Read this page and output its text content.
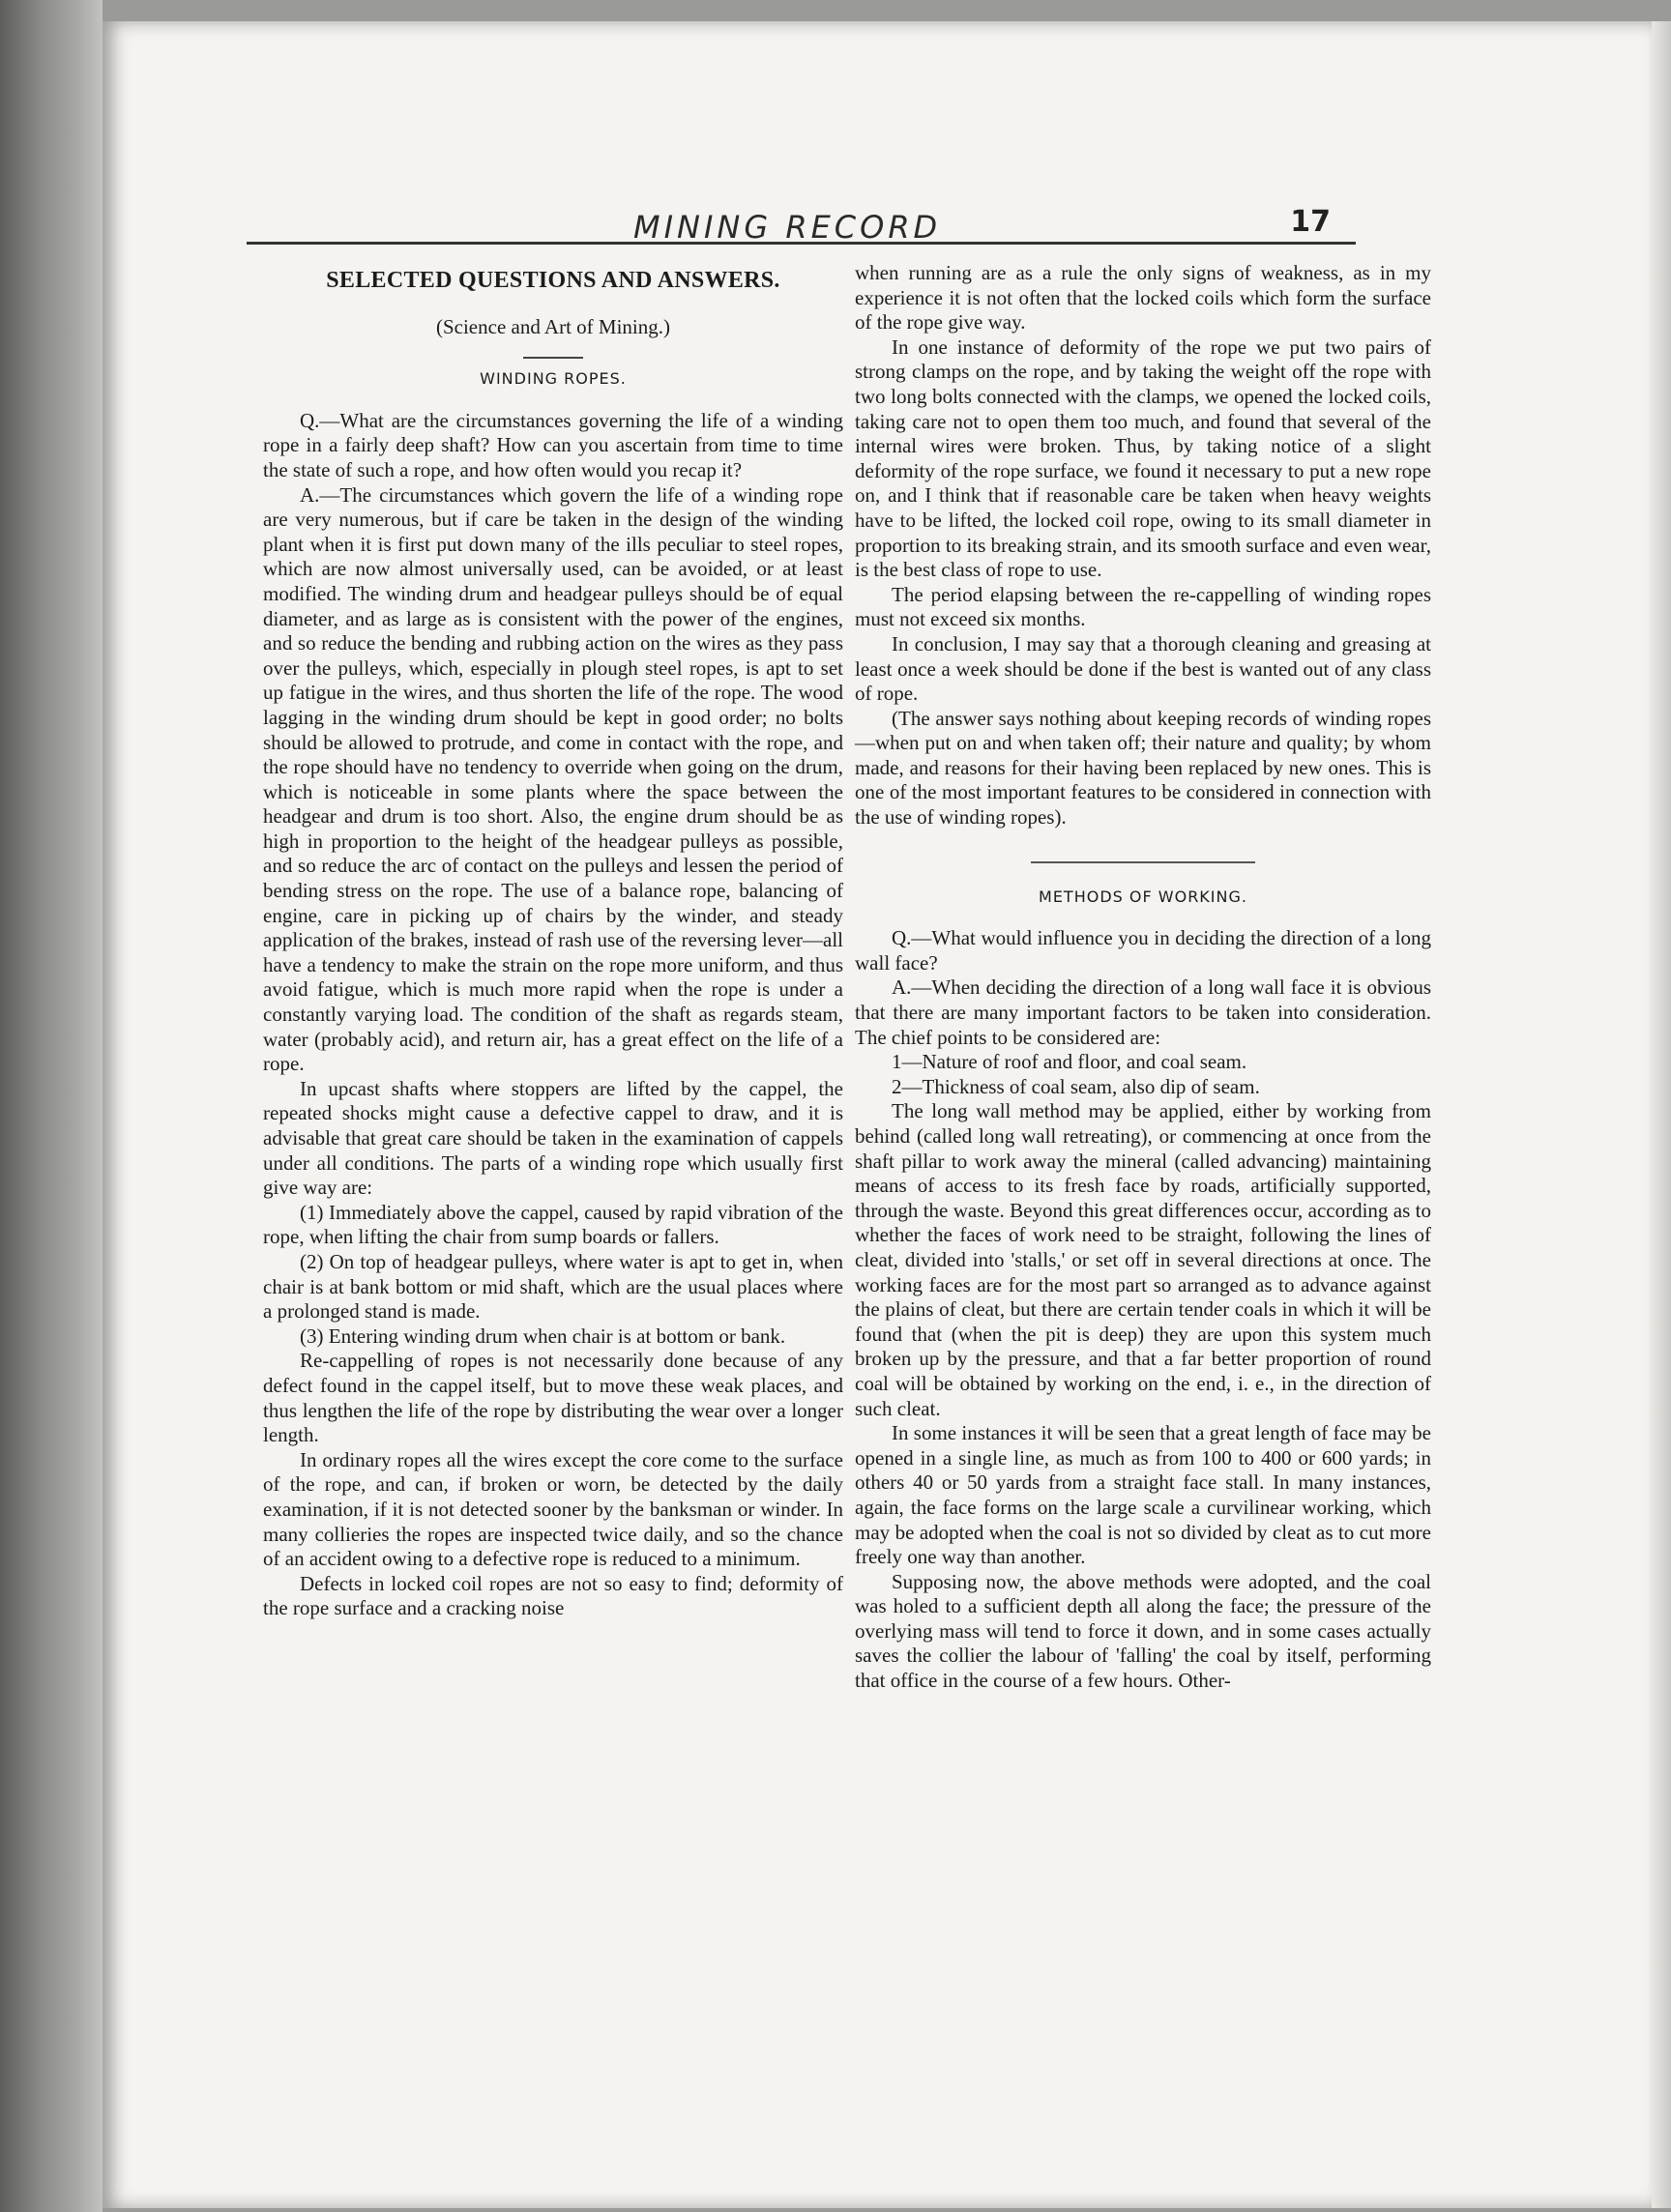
MINING RECORD	17
SELECTED QUESTIONS AND ANSWERS.
(Science and Art of Mining.)
WINDING ROPES.

Q.—What are the circumstances governing the life of a winding rope in a fairly deep shaft? How can you ascertain from time to time the state of such a rope, and how often would you recap it?

A.—The circumstances which govern the life of a winding rope are very numerous, but if care be taken in the design of the winding plant when it is first put down many of the ills peculiar to steel ropes, which are now almost universally used, can be avoided, or at least modified. The winding drum and headgear pulleys should be of equal diameter, and as large as is consistent with the power of the engines, and so reduce the bending and rubbing action on the wires as they pass over the pulleys, which, especially in plough steel ropes, is apt to set up fatigue in the wires, and thus shorten the life of the rope. The wood lagging in the winding drum should be kept in good order; no bolts should be allowed to protrude, and come in contact with the rope, and the rope should have no tendency to override when going on the drum, which is noticeable in some plants where the space between the headgear and drum is too short. Also, the engine drum should be as high in proportion to the height of the headgear pulleys as possible, and so reduce the arc of contact on the pulleys and lessen the period of bending stress on the rope. The use of a balance rope, balancing of engine, care in picking up of chairs by the winder, and steady application of the brakes, instead of rash use of the reversing lever—all have a tendency to make the strain on the rope more uniform, and thus avoid fatigue, which is much more rapid when the rope is under a constantly varying load. The condition of the shaft as regards steam, water (probably acid), and return air, has a great effect on the life of a rope.

In upcast shafts where stoppers are lifted by the cappel, the repeated shocks might cause a defective cappel to draw, and it is advisable that great care should be taken in the examination of cappels under all conditions. The parts of a winding rope which usually first give way are:

(1) Immediately above the cappel, caused by rapid vibration of the rope, when lifting the chair from sump boards or fallers.

(2) On top of headgear pulleys, where water is apt to get in, when chair is at bank bottom or mid shaft, which are the usual places where a prolonged stand is made.

(3) Entering winding drum when chair is at bottom or bank.

Re-cappelling of ropes is not necessarily done because of any defect found in the cappel itself, but to move these weak places, and thus lengthen the life of the rope by distributing the wear over a longer length.

In ordinary ropes all the wires except the core come to the surface of the rope, and can, if broken or worn, be detected by the daily examination, if it is not detected sooner by the banksman or winder. In many collieries the ropes are inspected twice daily, and so the chance of an accident owing to a defective rope is reduced to a minimum.

Defects in locked coil ropes are not so easy to find; deformity of the rope surface and a cracking noise

when running are as a rule the only signs of weakness, as in my experience it is not often that the locked coils which form the surface of the rope give way.

In one instance of deformity of the rope we put two pairs of strong clamps on the rope, and by taking the weight off the rope with two long bolts connected with the clamps, we opened the locked coils, taking care not to open them too much, and found that several of the internal wires were broken. Thus, by taking notice of a slight deformity of the rope surface, we found it necessary to put a new rope on, and I think that if reasonable care be taken when heavy weights have to be lifted, the locked coil rope, owing to its small diameter in proportion to its breaking strain, and its smooth surface and even wear, is the best class of rope to use.

The period elapsing between the re-cappelling of winding ropes must not exceed six months.

In conclusion, I may say that a thorough cleaning and greasing at least once a week should be done if the best is wanted out of any class of rope.

(The answer says nothing about keeping records of winding ropes—when put on and when taken off; their nature and quality; by whom made, and reasons for their having been replaced by new ones. This is one of the most important features to be considered in connection with the use of winding ropes).

METHODS OF WORKING.

Q.—What would influence you in deciding the direction of a long wall face?

A.—When deciding the direction of a long wall face it is obvious that there are many important factors to be taken into consideration. The chief points to be considered are:

1—Nature of roof and floor, and coal seam.

2—Thickness of coal seam, also dip of seam.

The long wall method may be applied, either by working from behind (called long wall retreating), or commencing at once from the shaft pillar to work away the mineral (called advancing) maintaining means of access to its fresh face by roads, artificially supported, through the waste. Beyond this great differences occur, according as to whether the faces of work need to be straight, following the lines of cleat, divided into 'stalls,' or set off in several directions at once. The working faces are for the most part so arranged as to advance against the plains of cleat, but there are certain tender coals in which it will be found that (when the pit is deep) they are upon this system much broken up by the pressure, and that a far better proportion of round coal will be obtained by working on the end, i. e., in the direction of such cleat.

In some instances it will be seen that a great length of face may be opened in a single line, as much as from 100 to 400 or 600 yards; in others 40 or 50 yards from a straight face stall. In many instances, again, the face forms on the large scale a curvilinear working, which may be adopted when the coal is not so divided by cleat as to cut more freely one way than another.

Supposing now, the above methods were adopted, and the coal was holed to a sufficient depth all along the face; the pressure of the overlying mass will tend to force it down, and in some cases actually saves the collier the labour of 'falling' the coal by itself, performing that office in the course of a few hours. Other-
